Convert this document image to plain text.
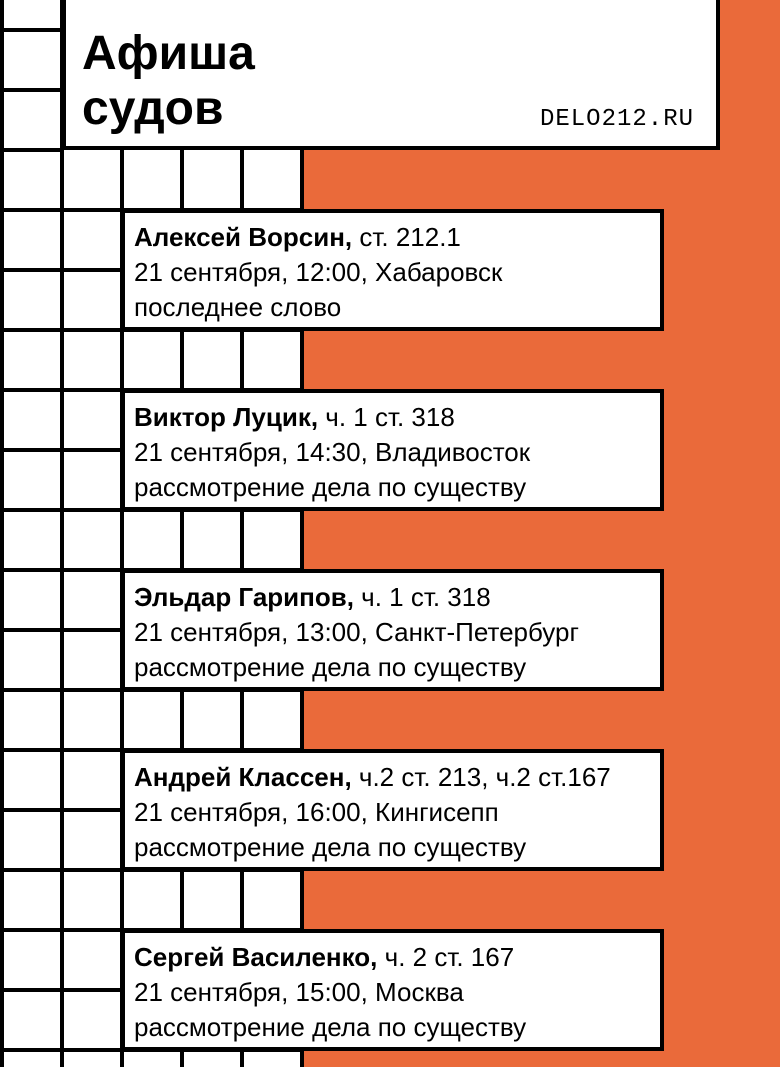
Афиша
судов	DELO212.RU
Алексей Ворсин, ст. 212.1
21 сентября, 12:00, Хабаровск
последнее слово
Виктор Луцик, ч. 1 ст. 318
21 сентября, 14:30, Владивосток
рассмотрение дела по существу
Эльдар Гарипов, ч. 1 ст. 318
21 сентября, 13:00, Санкт-Петербург
рассмотрение дела по существу
Андрей Классен, ч.2 ст. 213, ч.2 ст.167
21 сентября, 16:00, Кингисепп
рассмотрение дела по существу
Сергей Василенко, ч. 2 ст. 167
21 сентября, 15:00, Москва
рассмотрение дела по существу
